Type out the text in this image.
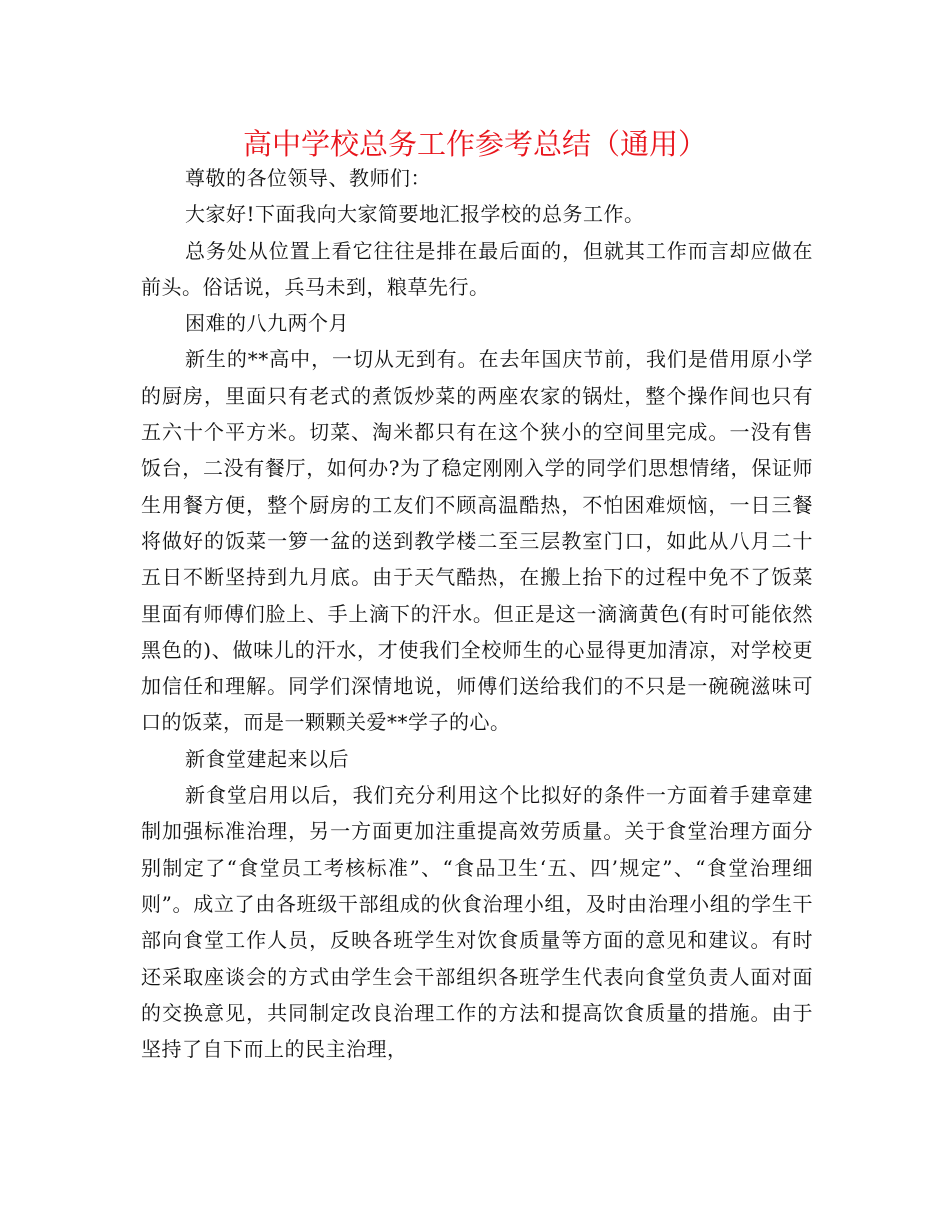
高中学校总务工作参考总结（通用）

尊敬的各位领导、教师们：

大家好!下面我向大家简要地汇报学校的总务工作。

总务处从位置上看它往往是排在最后面的，但就其工作而言却应做在前头。俗话说，兵马未到，粮草先行。

困难的八九两个月

新生的**高中，一切从无到有。在去年国庆节前，我们是借用原小学的厨房，里面只有老式的煮饭炒菜的两座农家的锅灶，整个操作间也只有五六十个平方米。切菜、淘米都只有在这个狭小的空间里完成。一没有售饭台，二没有餐厅，如何办?为了稳定刚刚入学的同学们思想情绪，保证师生用餐方便，整个厨房的工友们不顾高温酷热，不怕困难烦恼，一日三餐将做好的饭菜一箩一盆的送到教学楼二至三层教室门口，如此从八月二十五日不断坚持到九月底。由于天气酷热，在搬上抬下的过程中免不了饭菜里面有师傅们脸上、手上滴下的汗水。但正是这一滴滴黄色(有时可能依然黑色的)、做味儿的汗水，才使我们全校师生的心显得更加清凉，对学校更加信任和理解。同学们深情地说，师傅们送给我们的不只是一碗碗滋味可口的饭菜，而是一颗颗关爱**学子的心。

新食堂建起来以后

新食堂启用以后，我们充分利用这个比拟好的条件一方面着手建章建制加强标准治理，另一方面更加注重提高效劳质量。关于食堂治理方面分别制定了“食堂员工考核标准”、“食品卫生‘五、四’规定”、“食堂治理细则”。成立了由各班级干部组成的伙食治理小组，及时由治理小组的学生干部向食堂工作人员，反映各班学生对饮食质量等方面的意见和建议。有时还采取座谈会的方式由学生会干部组织各班学生代表向食堂负责人面对面的交换意见，共同制定改良治理工作的方法和提高饮食质量的措施。由于坚持了自下而上的民主治理，
